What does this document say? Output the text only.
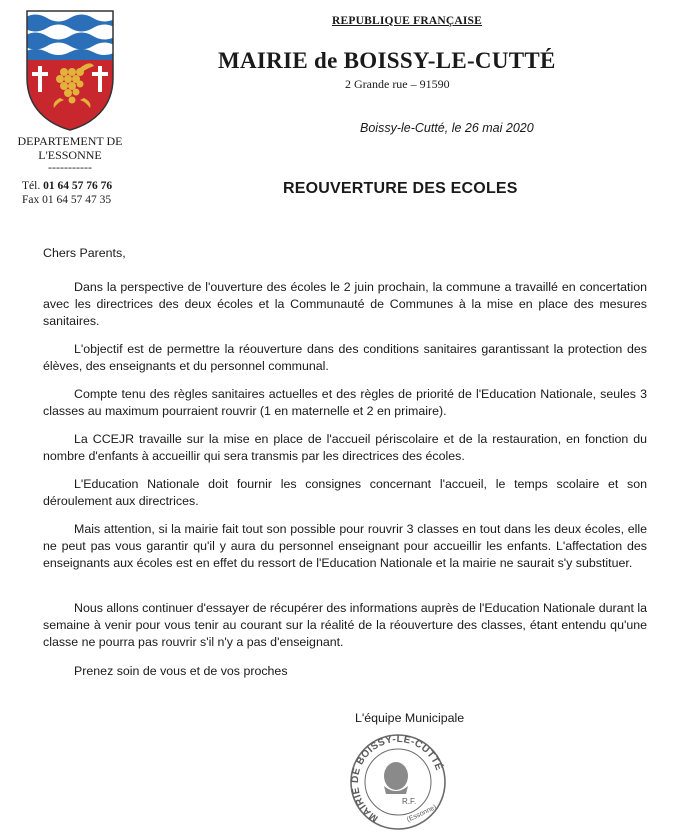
DEPARTEMENT DE L'ESSONNE
-----------
Tél. 01 64 57 76 76
Fax 01 64 57 47 35
REPUBLIQUE FRANÇAISE
MAIRIE de BOISSY-LE-CUTTÉ
2 Grande rue – 91590
Boissy-le-Cutté, le 26 mai 2020
REOUVERTURE DES ECOLES
Chers Parents,

Dans la perspective de l'ouverture des écoles le 2 juin prochain, la commune a travaillé en concertation avec les directrices des deux écoles et la Communauté de Communes à la mise en place des mesures sanitaires.

L'objectif est de permettre la réouverture dans des conditions sanitaires garantissant la protection des élèves, des enseignants et du personnel communal.

Compte tenu des règles sanitaires actuelles et des règles de priorité de l'Education Nationale, seules 3 classes au maximum pourraient rouvrir (1 en maternelle et 2 en primaire).

La CCEJR travaille sur la mise en place de l'accueil périscolaire et de la restauration, en fonction du nombre d'enfants à accueillir qui sera transmis par les directrices des écoles.

L'Education Nationale doit fournir les consignes concernant l'accueil, le temps scolaire et son déroulement aux directrices.

Mais attention, si la mairie fait tout son possible pour rouvrir 3 classes en tout dans les deux écoles, elle ne peut pas vous garantir qu'il y aura du personnel enseignant pour accueillir les enfants. L'affectation des enseignants aux écoles est en effet du ressort de l'Education Nationale et la mairie ne saurait s'y substituer.

Nous allons continuer d'essayer de récupérer des informations auprès de l'Education Nationale durant la semaine à venir pour vous tenir au courant sur la réalité de la réouverture des classes, étant entendu qu'une classe ne pourra pas rouvrir s'il n'y a pas d'enseignant.

Prenez soin de vous et de vos proches
L'équipe Municipale
MAIRIE DE BOISSY-LE-CUTTÉ
R.F.
(Essonne)
